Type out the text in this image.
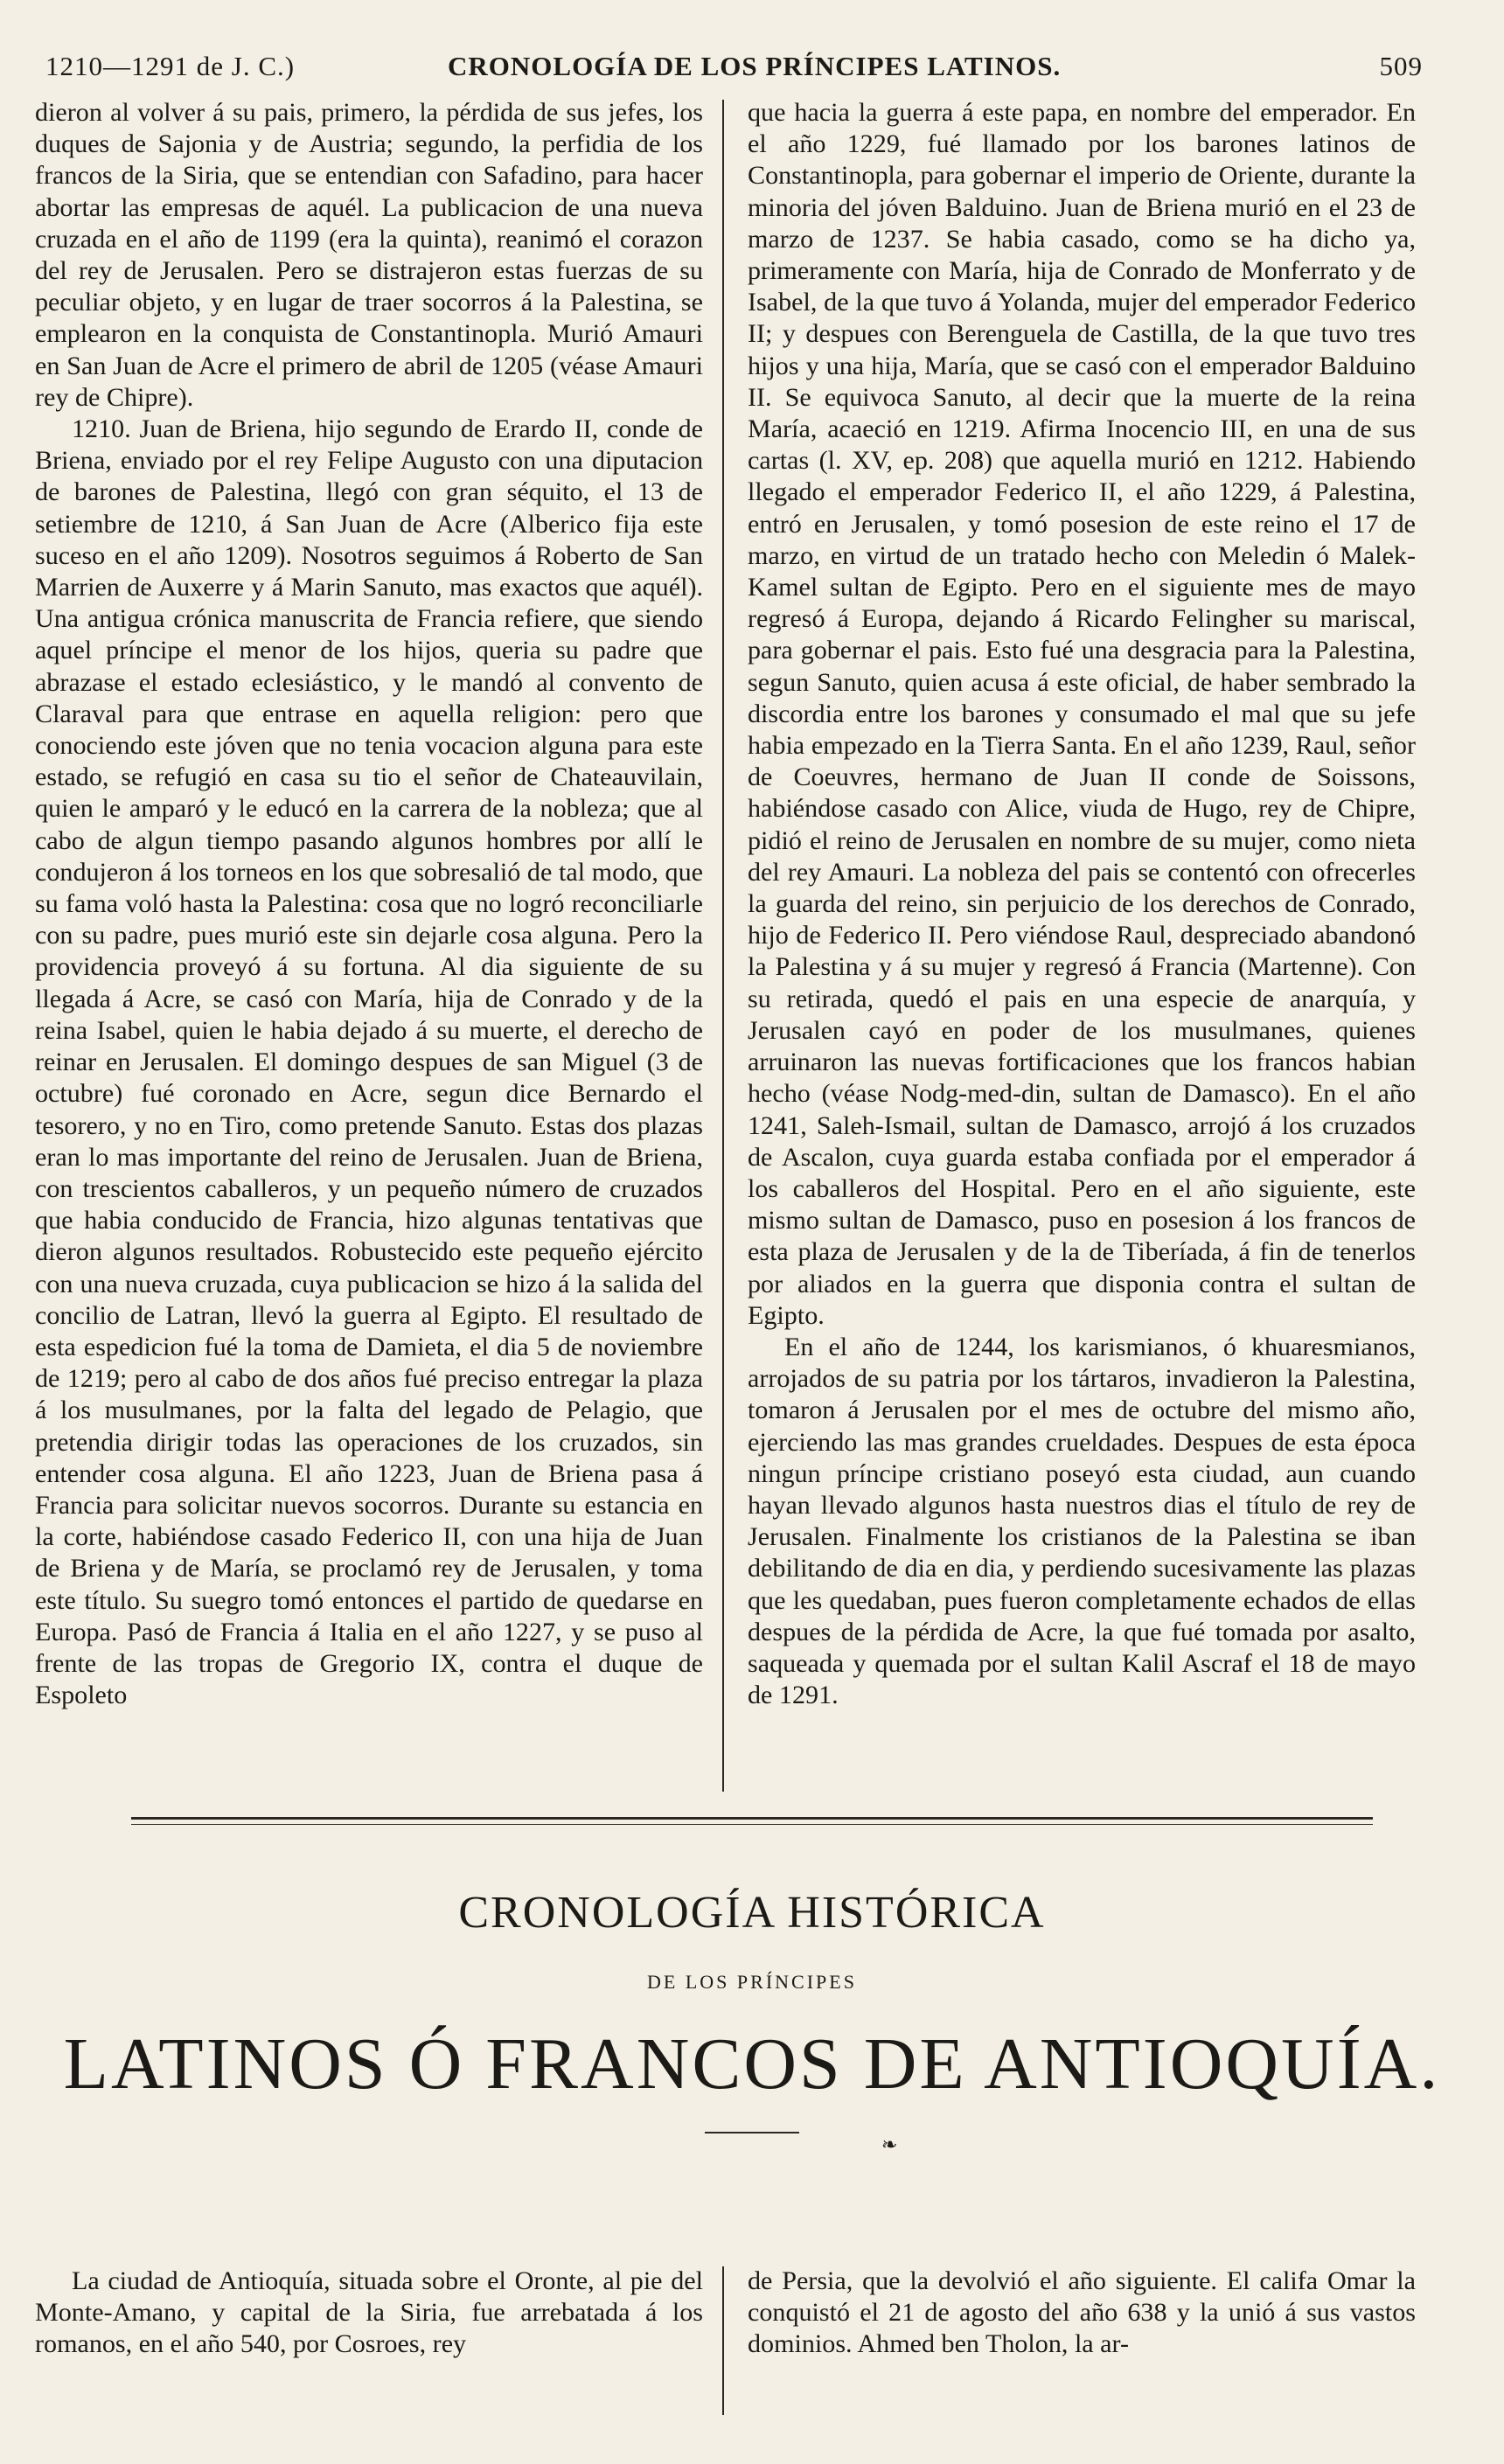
1210—1291 de J. C.)	CRONOLOGÍA DE LOS PRÍNCIPES LATINOS.	509

dieron al volver á su pais, primero, la pérdida de sus jefes, los duques de Sajonia y de Austria; segundo, la perfidia de los francos de la Siria, que se entendian con Safadino, para hacer abortar las empresas de aquél. La publicacion de una nueva cruzada en el año de 1199 (era la quinta), reanimó el corazon del rey de Jerusalen. Pero se distrajeron estas fuerzas de su peculiar objeto, y en lugar de traer socorros á la Palestina, se emplearon en la conquista de Constantinopla. Murió Amauri en San Juan de Acre el primero de abril de 1205 (véase Amauri rey de Chipre).

1210. Juan de Briena, hijo segundo de Erardo II, conde de Briena, enviado por el rey Felipe Augusto con una diputacion de barones de Palestina, llegó con gran séquito, el 13 de setiembre de 1210, á San Juan de Acre (Alberico fija este suceso en el año 1209). Nosotros seguimos á Roberto de San Marrien de Auxerre y á Marin Sanuto, mas exactos que aquél). Una antigua crónica manuscrita de Francia refiere, que siendo aquel príncipe el menor de los hijos, queria su padre que abrazase el estado eclesiástico, y le mandó al convento de Claraval para que entrase en aquella religion: pero que conociendo este jóven que no tenia vocacion alguna para este estado, se refugió en casa su tio el señor de Chateauvilain, quien le amparó y le educó en la carrera de la nobleza; que al cabo de algun tiempo pasando algunos hombres por allí le condujeron á los torneos en los que sobresalió de tal modo, que su fama voló hasta la Palestina: cosa que no logró reconciliarle con su padre, pues murió este sin dejarle cosa alguna. Pero la providencia proveyó á su fortuna. Al dia siguiente de su llegada á Acre, se casó con María, hija de Conrado y de la reina Isabel, quien le habia dejado á su muerte, el derecho de reinar en Jerusalen. El domingo despues de san Miguel (3 de octubre) fué coronado en Acre, segun dice Bernardo el tesorero, y no en Tiro, como pretende Sanuto. Estas dos plazas eran lo mas importante del reino de Jerusalen. Juan de Briena, con trescientos caballeros, y un pequeño número de cruzados que habia conducido de Francia, hizo algunas tentativas que dieron algunos resultados. Robustecido este pequeño ejército con una nueva cruzada, cuya publicacion se hizo á la salida del concilio de Latran, llevó la guerra al Egipto. El resultado de esta espedicion fué la toma de Damieta, el dia 5 de noviembre de 1219; pero al cabo de dos años fué preciso entregar la plaza á los musulmanes, por la falta del legado de Pelagio, que pretendia dirigir todas las operaciones de los cruzados, sin entender cosa alguna. El año 1223, Juan de Briena pasa á Francia para solicitar nuevos socorros. Durante su estancia en la corte, habiéndose casado Federico II, con una hija de Juan de Briena y de María, se proclamó rey de Jerusalen, y toma este título. Su suegro tomó entonces el partido de quedarse en Europa. Pasó de Francia á Italia en el año 1227, y se puso al frente de las tropas de Gregorio IX, contra el duque de Espoleto

que hacia la guerra á este papa, en nombre del emperador. En el año 1229, fué llamado por los barones latinos de Constantinopla, para gobernar el imperio de Oriente, durante la minoria del jóven Balduino. Juan de Briena murió en el 23 de marzo de 1237. Se habia casado, como se ha dicho ya, primeramente con María, hija de Conrado de Monferrato y de Isabel, de la que tuvo á Yolanda, mujer del emperador Federico II; y despues con Berenguela de Castilla, de la que tuvo tres hijos y una hija, María, que se casó con el emperador Balduino II. Se equivoca Sanuto, al decir que la muerte de la reina María, acaeció en 1219. Afirma Inocencio III, en una de sus cartas (l. XV, ep. 208) que aquella murió en 1212. Habiendo llegado el emperador Federico II, el año 1229, á Palestina, entró en Jerusalen, y tomó posesion de este reino el 17 de marzo, en virtud de un tratado hecho con Meledin ó Malek-Kamel sultan de Egipto. Pero en el siguiente mes de mayo regresó á Europa, dejando á Ricardo Felingher su mariscal, para gobernar el pais. Esto fué una desgracia para la Palestina, segun Sanuto, quien acusa á este oficial, de haber sembrado la discordia entre los barones y consumado el mal que su jefe habia empezado en la Tierra Santa. En el año 1239, Raul, señor de Coeuvres, hermano de Juan II conde de Soissons, habiéndose casado con Alice, viuda de Hugo, rey de Chipre, pidió el reino de Jerusalen en nombre de su mujer, como nieta del rey Amauri. La nobleza del pais se contentó con ofrecerles la guarda del reino, sin perjuicio de los derechos de Conrado, hijo de Federico II. Pero viéndose Raul, despreciado abandonó la Palestina y á su mujer y regresó á Francia (Martenne). Con su retirada, quedó el pais en una especie de anarquía, y Jerusalen cayó en poder de los musulmanes, quienes arruinaron las nuevas fortificaciones que los francos habian hecho (véase Nodg-med-din, sultan de Damasco). En el año 1241, Saleh-Ismail, sultan de Damasco, arrojó á los cruzados de Ascalon, cuya guarda estaba confiada por el emperador á los caballeros del Hospital. Pero en el año siguiente, este mismo sultan de Damasco, puso en posesion á los francos de esta plaza de Jerusalen y de la de Tiberíada, á fin de tenerlos por aliados en la guerra que disponia contra el sultan de Egipto.

En el año de 1244, los karismianos, ó khuaresmianos, arrojados de su patria por los tártaros, invadieron la Palestina, tomaron á Jerusalen por el mes de octubre del mismo año, ejerciendo las mas grandes crueldades. Despues de esta época ningun príncipe cristiano poseyó esta ciudad, aun cuando hayan llevado algunos hasta nuestros dias el título de rey de Jerusalen. Finalmente los cristianos de la Palestina se iban debilitando de dia en dia, y perdiendo sucesivamente las plazas que les quedaban, pues fueron completamente echados de ellas despues de la pérdida de Acre, la que fué tomada por asalto, saqueada y quemada por el sultan Kalil Ascraf el 18 de mayo de 1291.

CRONOLOGÍA HISTÓRICA
DE LOS PRÍNCIPES
LATINOS Ó FRANCOS DE ANTIOQUÍA.
❧

La ciudad de Antioquía, situada sobre el Oronte, al pie del Monte-Amano, y capital de la Siria, fue arrebatada á los romanos, en el año 540, por Cosroes, rey

de Persia, que la devolvió el año siguiente. El califa Omar la conquistó el 21 de agosto del año 638 y la unió á sus vastos dominios. Ahmed ben Tholon, la ar-
